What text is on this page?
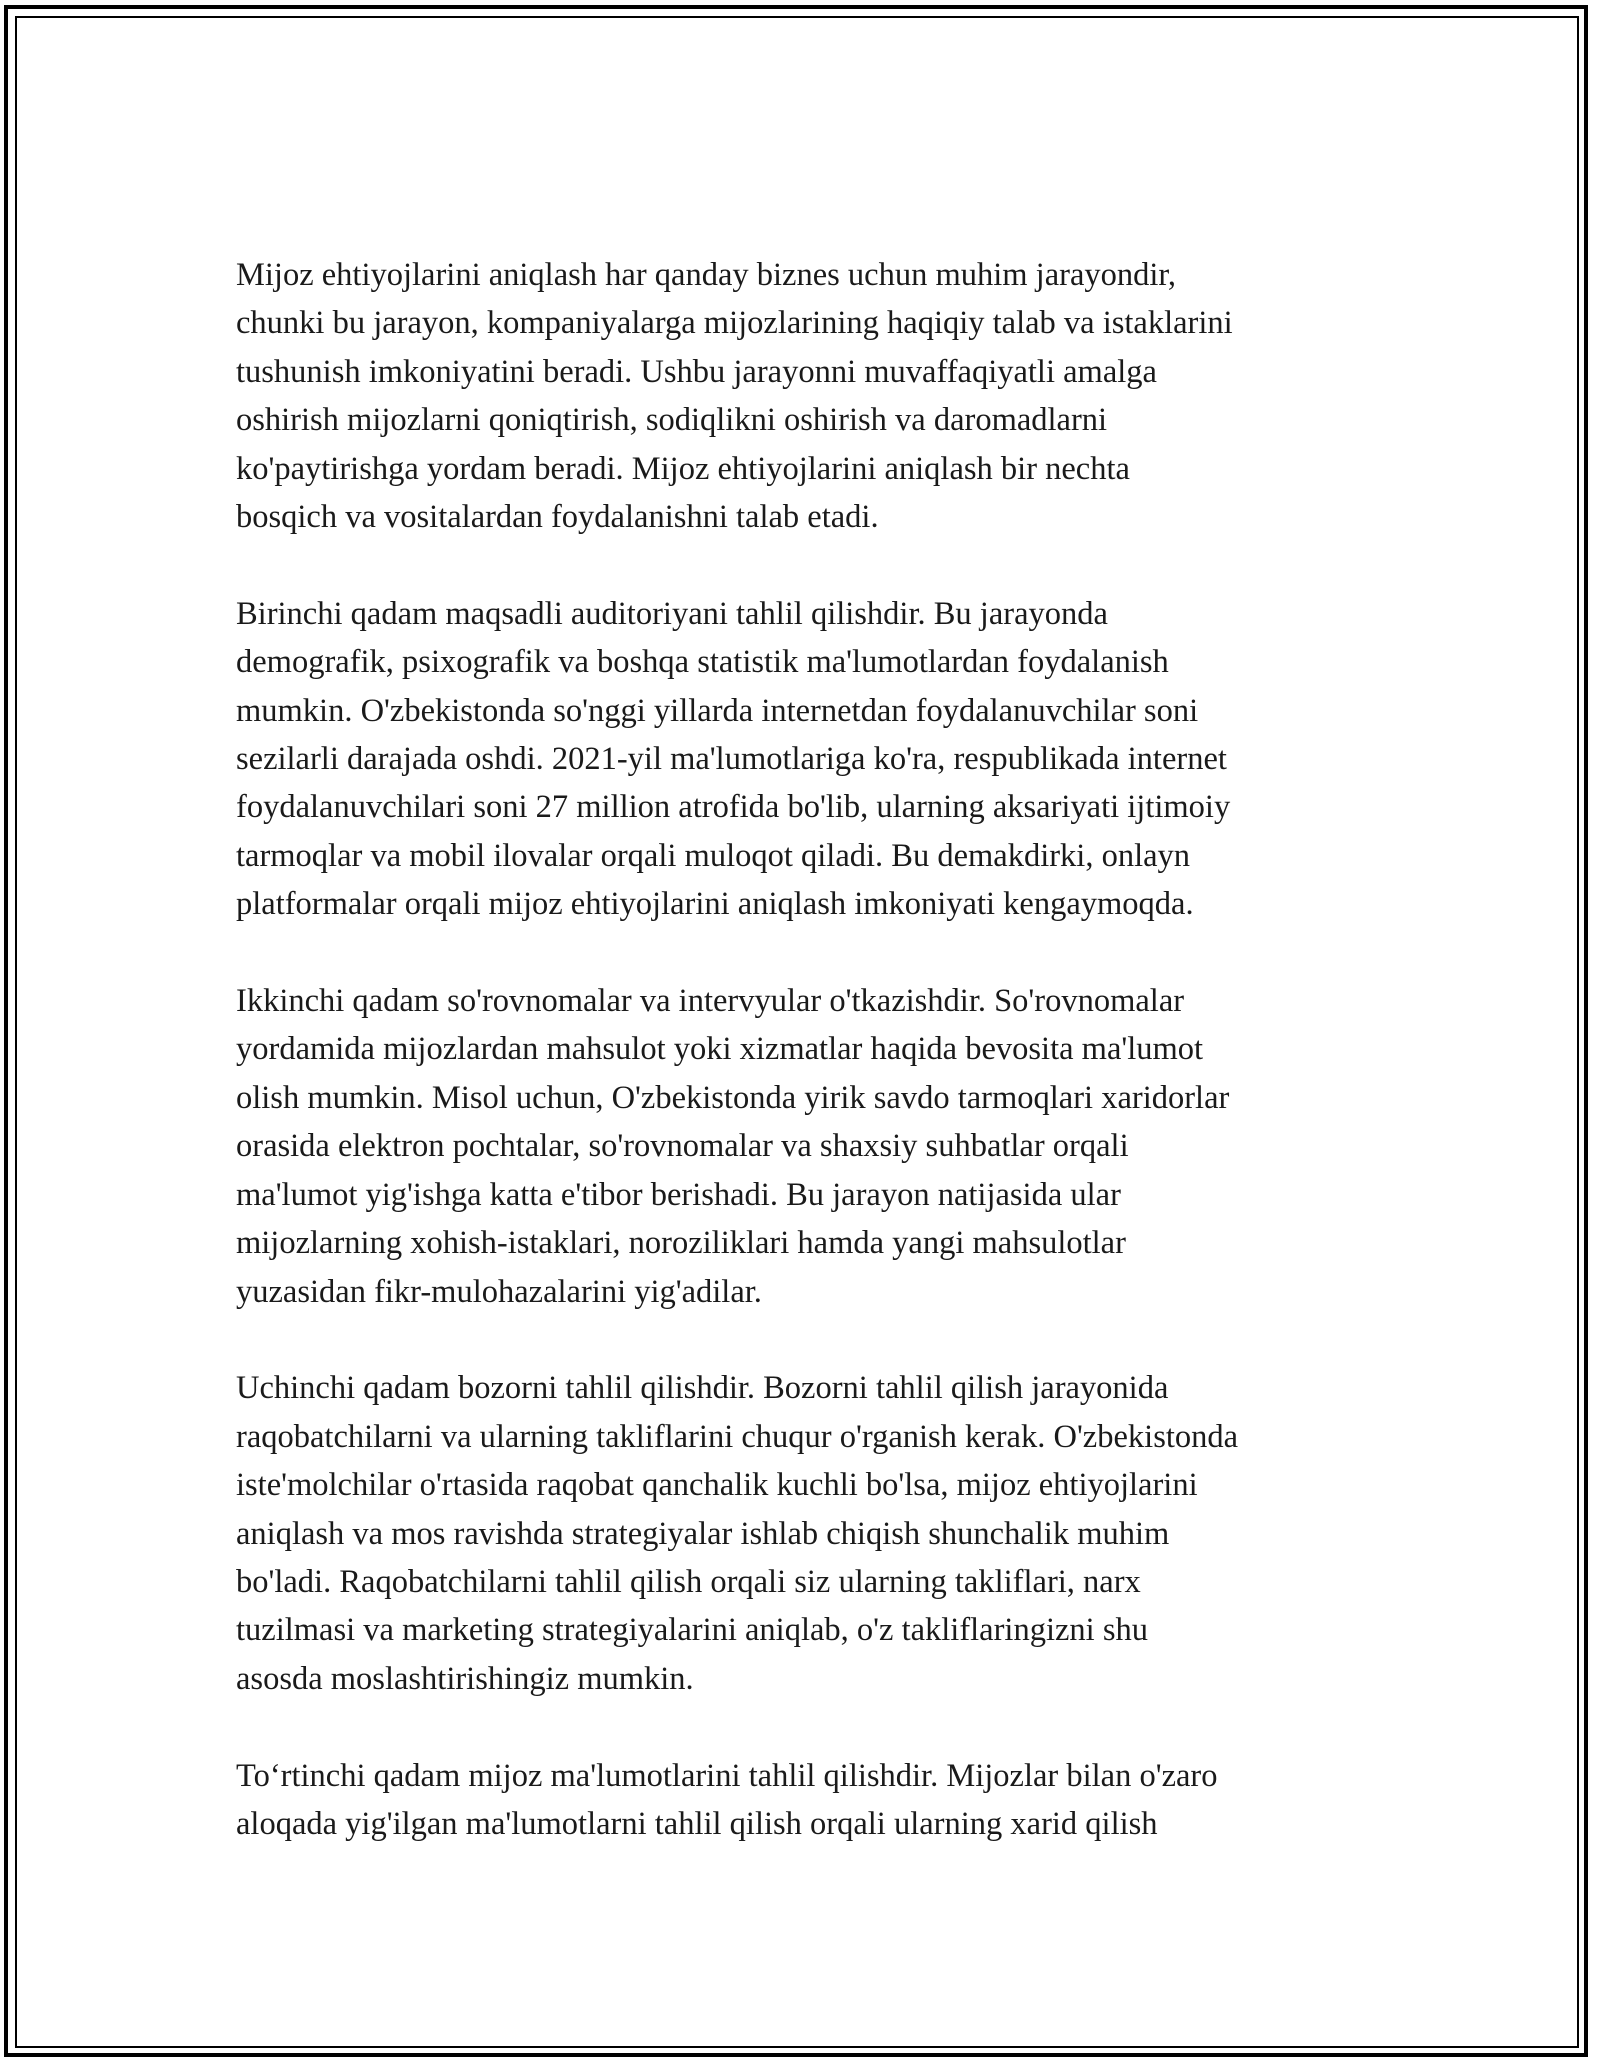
Mijoz ehtiyojlarini aniqlash har qanday biznes uchun muhim jarayondir,
chunki bu jarayon, kompaniyalarga mijozlarining haqiqiy talab va istaklarini
tushunish imkoniyatini beradi. Ushbu jarayonni muvaffaqiyatli amalga
oshirish mijozlarni qoniqtirish, sodiqlikni oshirish va daromadlarni
ko'paytirishga yordam beradi. Mijoz ehtiyojlarini aniqlash bir nechta
bosqich va vositalardan foydalanishni talab etadi.

Birinchi qadam maqsadli auditoriyani tahlil qilishdir. Bu jarayonda
demografik, psixografik va boshqa statistik ma'lumotlardan foydalanish
mumkin. O'zbekistonda so'nggi yillarda internetdan foydalanuvchilar soni
sezilarli darajada oshdi. 2021-yil ma'lumotlariga ko'ra, respublikada internet
foydalanuvchilari soni 27 million atrofida bo'lib, ularning aksariyati ijtimoiy
tarmoqlar va mobil ilovalar orqali muloqot qiladi. Bu demakdirki, onlayn
platformalar orqali mijoz ehtiyojlarini aniqlash imkoniyati kengaymoqda.

Ikkinchi qadam so'rovnomalar va intervyular o'tkazishdir. So'rovnomalar
yordamida mijozlardan mahsulot yoki xizmatlar haqida bevosita ma'lumot
olish mumkin. Misol uchun, O'zbekistonda yirik savdo tarmoqlari xaridorlar
orasida elektron pochtalar, so'rovnomalar va shaxsiy suhbatlar orqali
ma'lumot yig'ishga katta e'tibor berishadi. Bu jarayon natijasida ular
mijozlarning xohish-istaklari, noroziliklari hamda yangi mahsulotlar
yuzasidan fikr-mulohazalarini yig'adilar.

Uchinchi qadam bozorni tahlil qilishdir. Bozorni tahlil qilish jarayonida
raqobatchilarni va ularning takliflarini chuqur o'rganish kerak. O'zbekistonda
iste'molchilar o'rtasida raqobat qanchalik kuchli bo'lsa, mijoz ehtiyojlarini
aniqlash va mos ravishda strategiyalar ishlab chiqish shunchalik muhim
bo'ladi. Raqobatchilarni tahlil qilish orqali siz ularning takliflari, narx
tuzilmasi va marketing strategiyalarini aniqlab, o'z takliflaringizni shu
asosda moslashtirishingiz mumkin.

To‘rtinchi qadam mijoz ma'lumotlarini tahlil qilishdir. Mijozlar bilan o'zaro
aloqada yig'ilgan ma'lumotlarni tahlil qilish orqali ularning xarid qilish
